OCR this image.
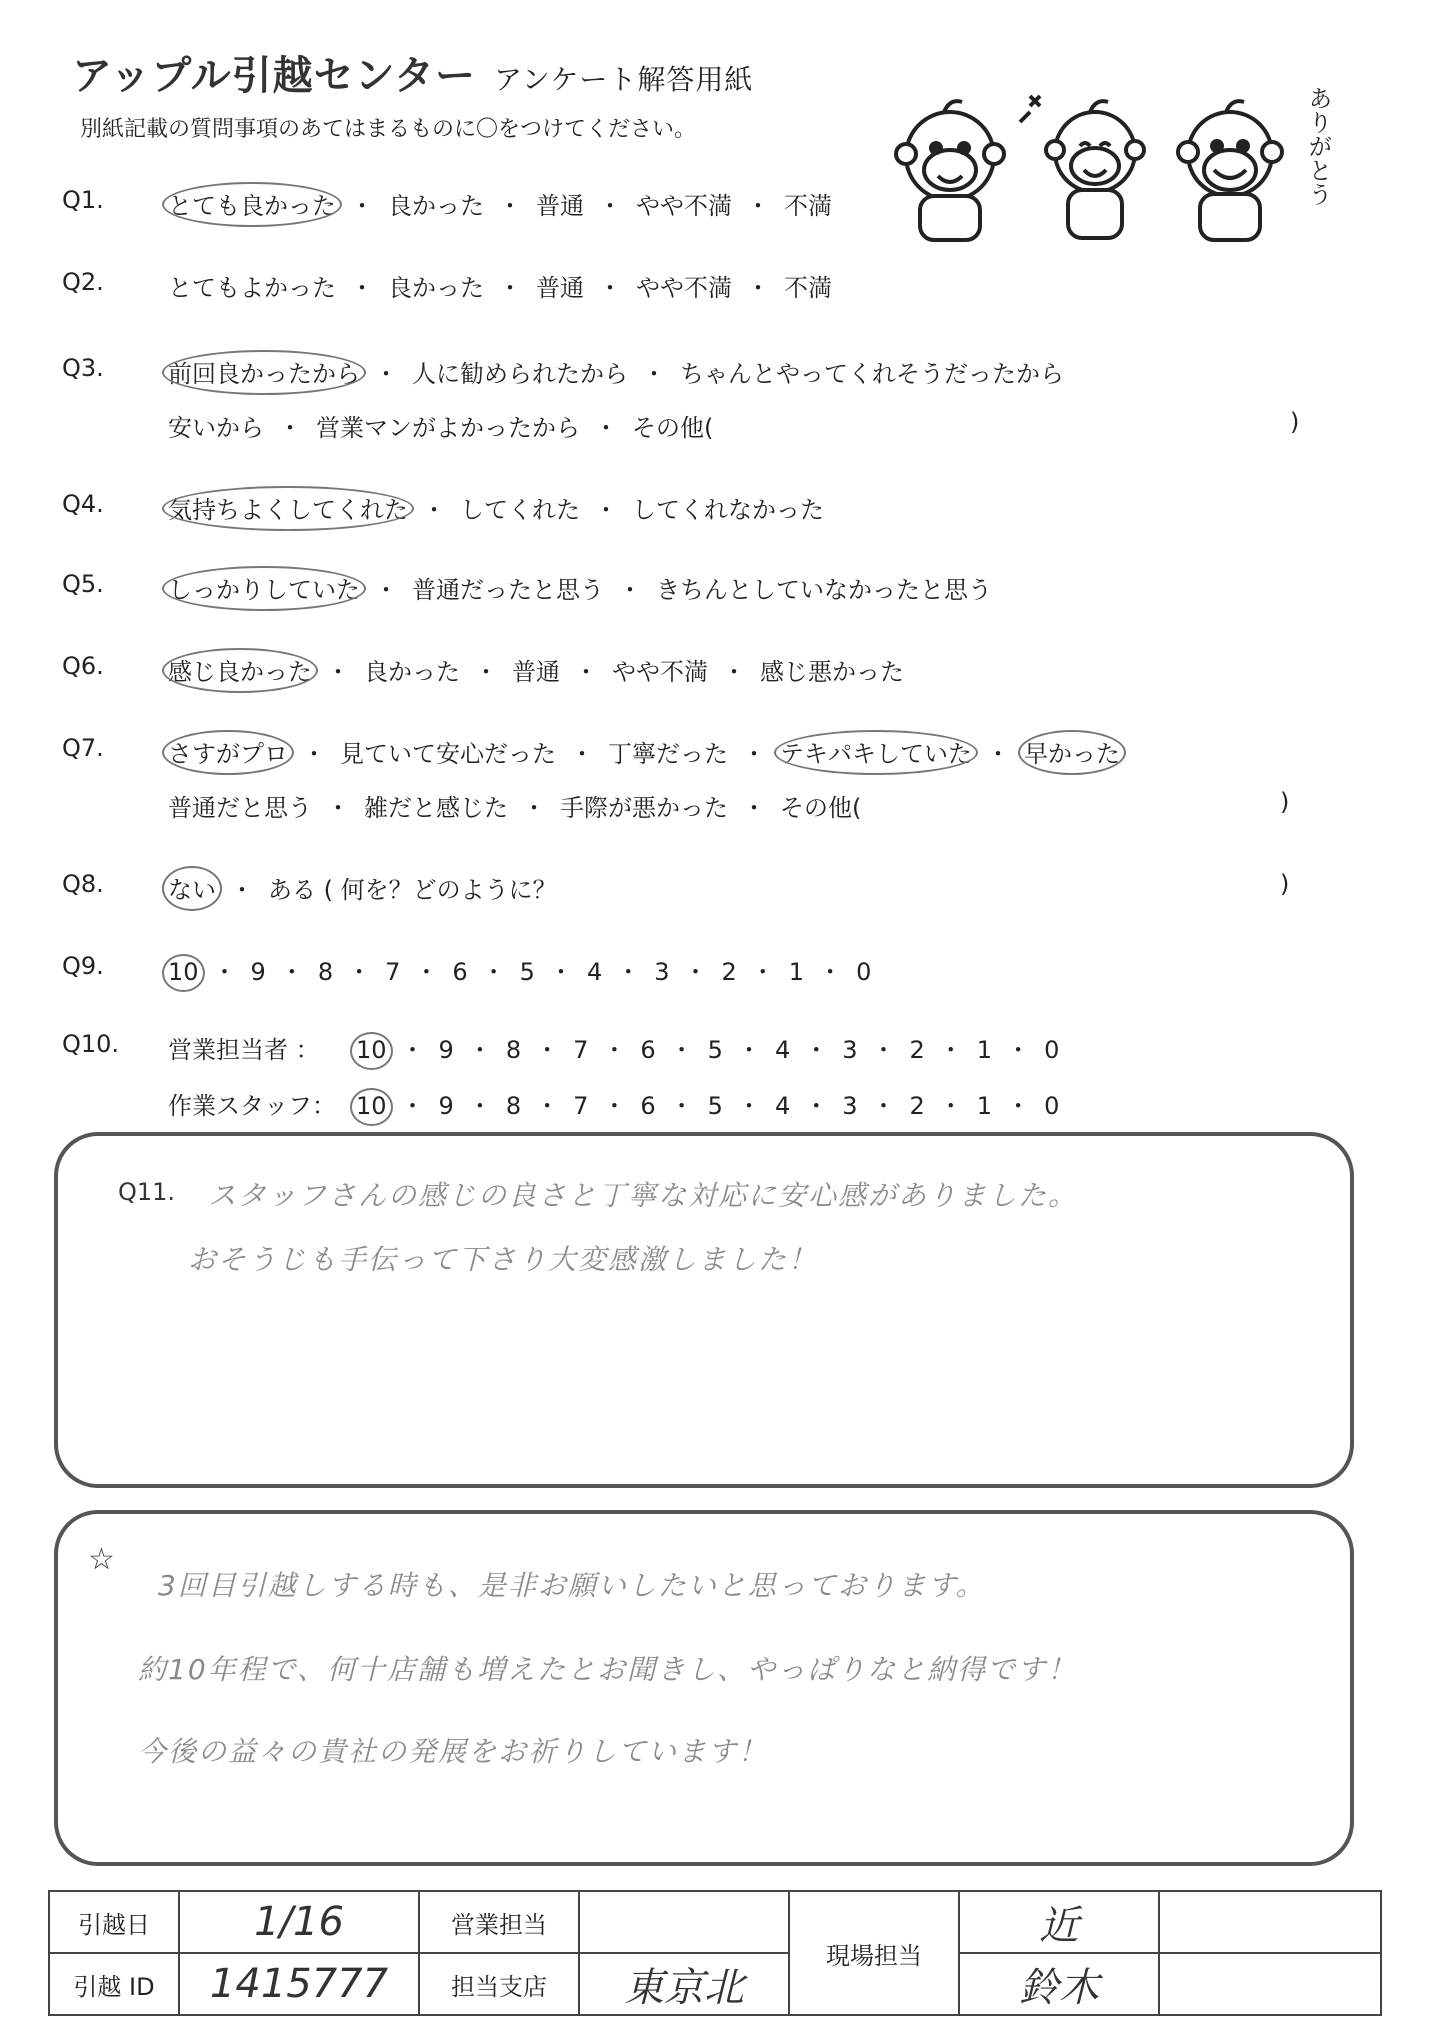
アップル引越センター アンケート解答用紙
別紙記載の質問事項のあてはまるものに〇をつけてください。	ありがとう
Q1.	とても良かった ・ 良かった ・ 普通 ・ やや不満 ・ 不満
Q2.	とてもよかった ・ 良かった ・ 普通 ・ やや不満 ・ 不満
Q3.	前回良かったから ・ 人に勧められたから ・ ちゃんとやってくれそうだったから
安いから ・ 営業マンがよかったから ・ その他(	)
Q4.	気持ちよくしてくれた ・ してくれた ・ してくれなかった
Q5.	しっかりしていた ・ 普通だったと思う ・ きちんとしていなかったと思う
Q6.	感じ良かった ・ 良かった ・ 普通 ・ やや不満 ・ 感じ悪かった
Q7.	さすがプロ ・ 見ていて安心だった ・ 丁寧だった ・ テキパキしていた ・ 早かった
普通だと思う ・ 雑だと感じた ・ 手際が悪かった ・ その他(	)
Q8.	ない ・ ある ( 何を？どのように？	)
Q9.	10 ・ 9 ・ 8 ・ 7 ・ 6 ・ 5 ・ 4 ・ 3 ・ 2 ・ 1 ・ 0
Q10. 営業担当者 ： 10 ・ 9 ・ 8 ・ 7 ・ 6 ・ 5 ・ 4 ・ 3 ・ 2 ・ 1 ・ 0
作業スタッフ： 10 ・ 9 ・ 8 ・ 7 ・ 6 ・ 5 ・ 4 ・ 3 ・ 2 ・ 1 ・ 0
Q11. スタッフさんの感じの良さと丁寧な対応に安心感がありました。
おそうじも手伝って下さり大変感激しました！
☆
3回目引越しする時も、是非お願いしたいと思っております。
約10年程で、何十店舗も増えたとお聞きし、やっぱりなと納得です！
今後の益々の貴社の発展をお祈りしています！
引越日	1/16	営業担当		現場担当	近	
引越 ID	1415777	担当支店	東京北		鈴木	
